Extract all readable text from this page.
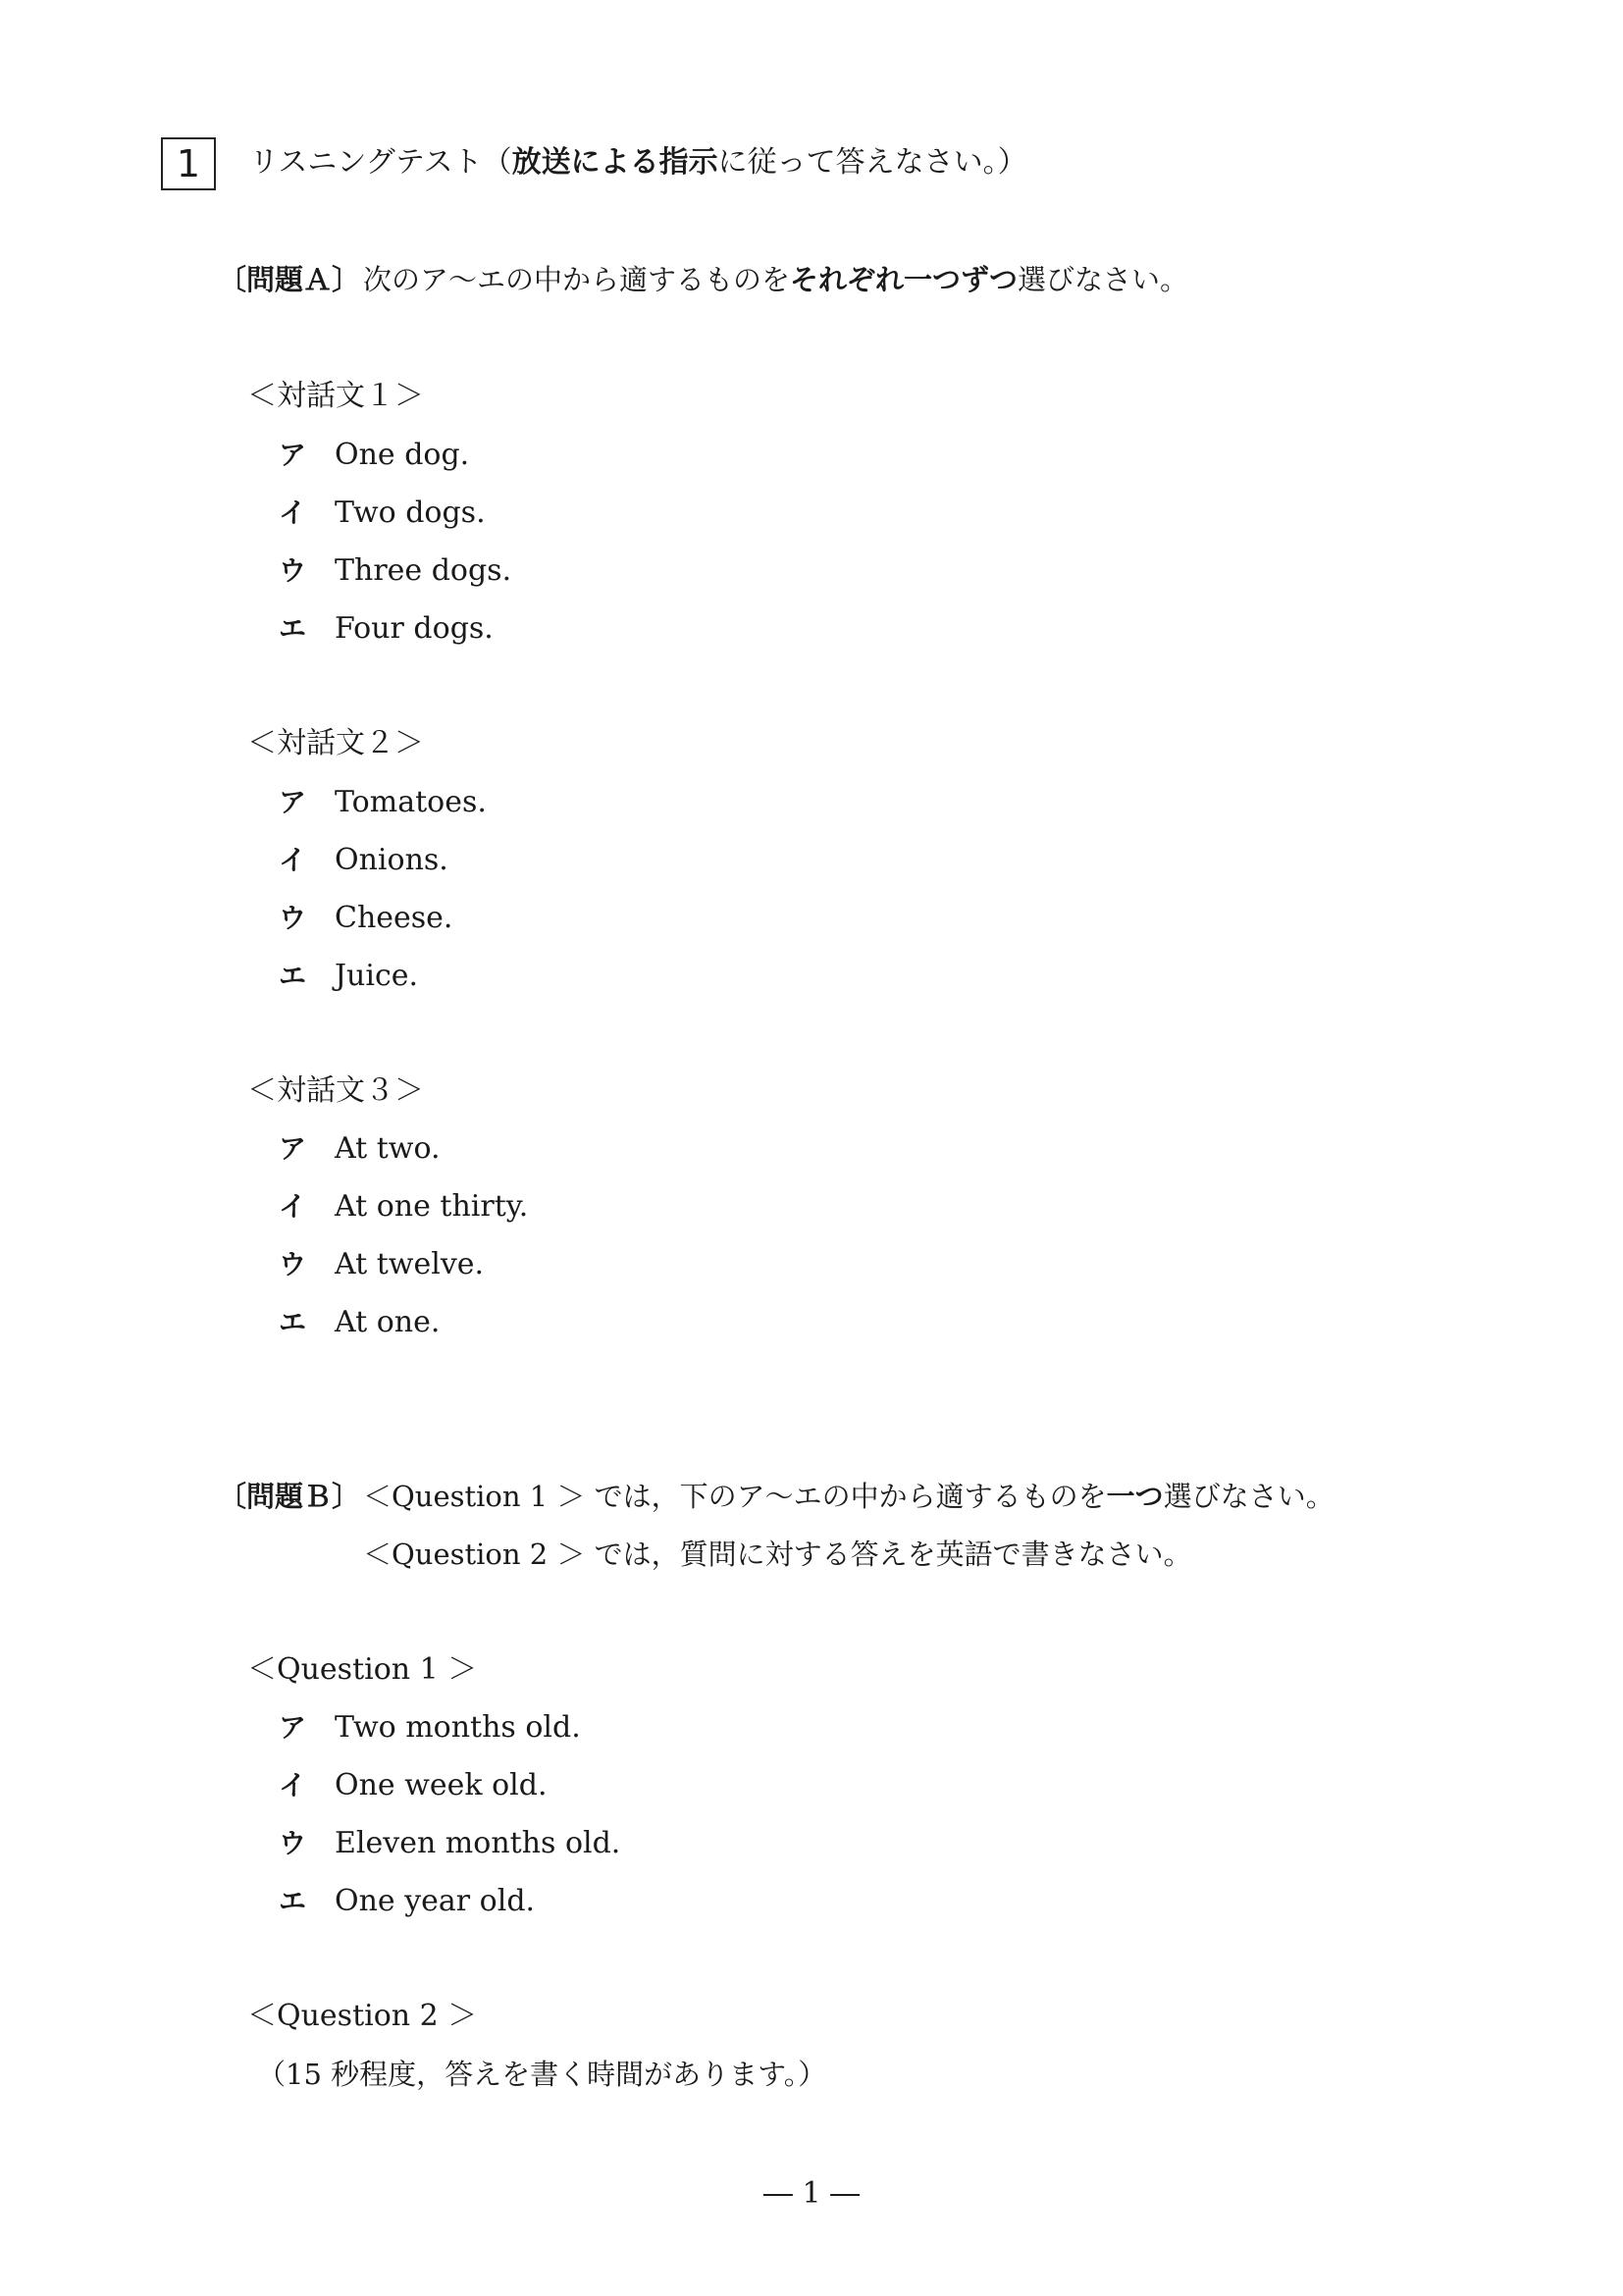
1	リスニングテスト（放送による指示に従って答えなさい。）
〔問題Ａ〕 次のア～エの中から適するものをそれぞれ一つずつ選びなさい。
＜対話文１＞
ア One dog.
イ Two dogs.
ウ Three dogs.
エ Four dogs.
＜対話文２＞
ア Tomatoes.
イ Onions.
ウ Cheese.
エ Juice.
＜対話文３＞
ア At two.
イ At one thirty.
ウ At twelve.
エ At one.
〔問題Ｂ〕 ＜Question 1 ＞ では，下のア～エの中から適するものを一つ選びなさい。
＜Question 2 ＞ では，質問に対する答えを英語で書きなさい。
＜Question 1 ＞
ア Two months old.
イ One week old.
ウ Eleven months old.
エ One year old.
＜Question 2 ＞
（15 秒程度，答えを書く時間があります。）
― 1 ―
